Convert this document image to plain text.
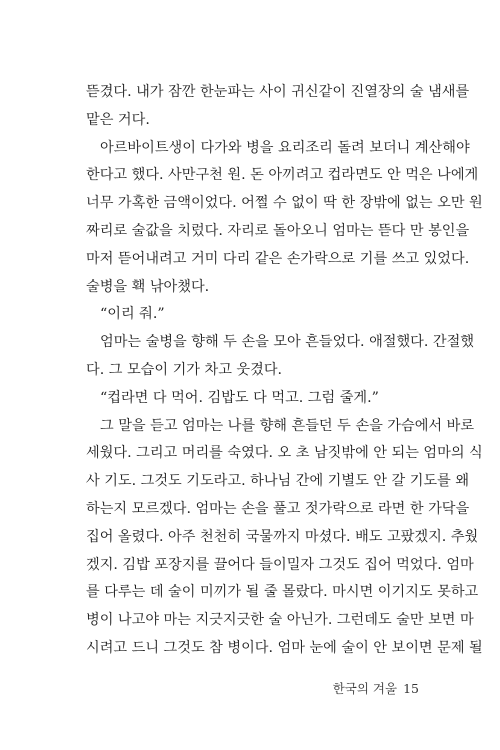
뜯겼다. 내가 잠깐 한눈파는 사이 귀신같이 진열장의 술 냄새를
맡은 거다.
아르바이트생이 다가와 병을 요리조리 돌려 보더니 계산해야
한다고 했다. 사만구천 원. 돈 아끼려고 컵라면도 안 먹은 나에게
너무 가혹한 금액이었다. 어쩔 수 없이 딱 한 장밖에 없는 오만 원
짜리로 술값을 치렀다. 자리로 돌아오니 엄마는 뜯다 만 봉인을
마저 뜯어내려고 거미 다리 같은 손가락으로 기를 쓰고 있었다.
술병을 홱 낚아챘다.
“이리 줘.”
엄마는 술병을 향해 두 손을 모아 흔들었다. 애절했다. 간절했
다. 그 모습이 기가 차고 웃겼다.
“컵라면 다 먹어. 김밥도 다 먹고. 그럼 줄게.”
그 말을 듣고 엄마는 나를 향해 흔들던 두 손을 가슴에서 바로
세웠다. 그리고 머리를 숙였다. 오 초 남짓밖에 안 되는 엄마의 식
사 기도. 그것도 기도라고. 하나님 간에 기별도 안 갈 기도를 왜
하는지 모르겠다. 엄마는 손을 풀고 젓가락으로 라면 한 가닥을
집어 올렸다. 아주 천천히 국물까지 마셨다. 배도 고팠겠지. 추웠
겠지. 김밥 포장지를 끌어다 들이밀자 그것도 집어 먹었다. 엄마
를 다루는 데 술이 미끼가 될 줄 몰랐다. 마시면 이기지도 못하고
병이 나고야 마는 지긋지긋한 술 아닌가. 그런데도 술만 보면 마
시려고 드니 그것도 참 병이다. 엄마 눈에 술이 안 보이면 문제 될
한국의 겨울 15
